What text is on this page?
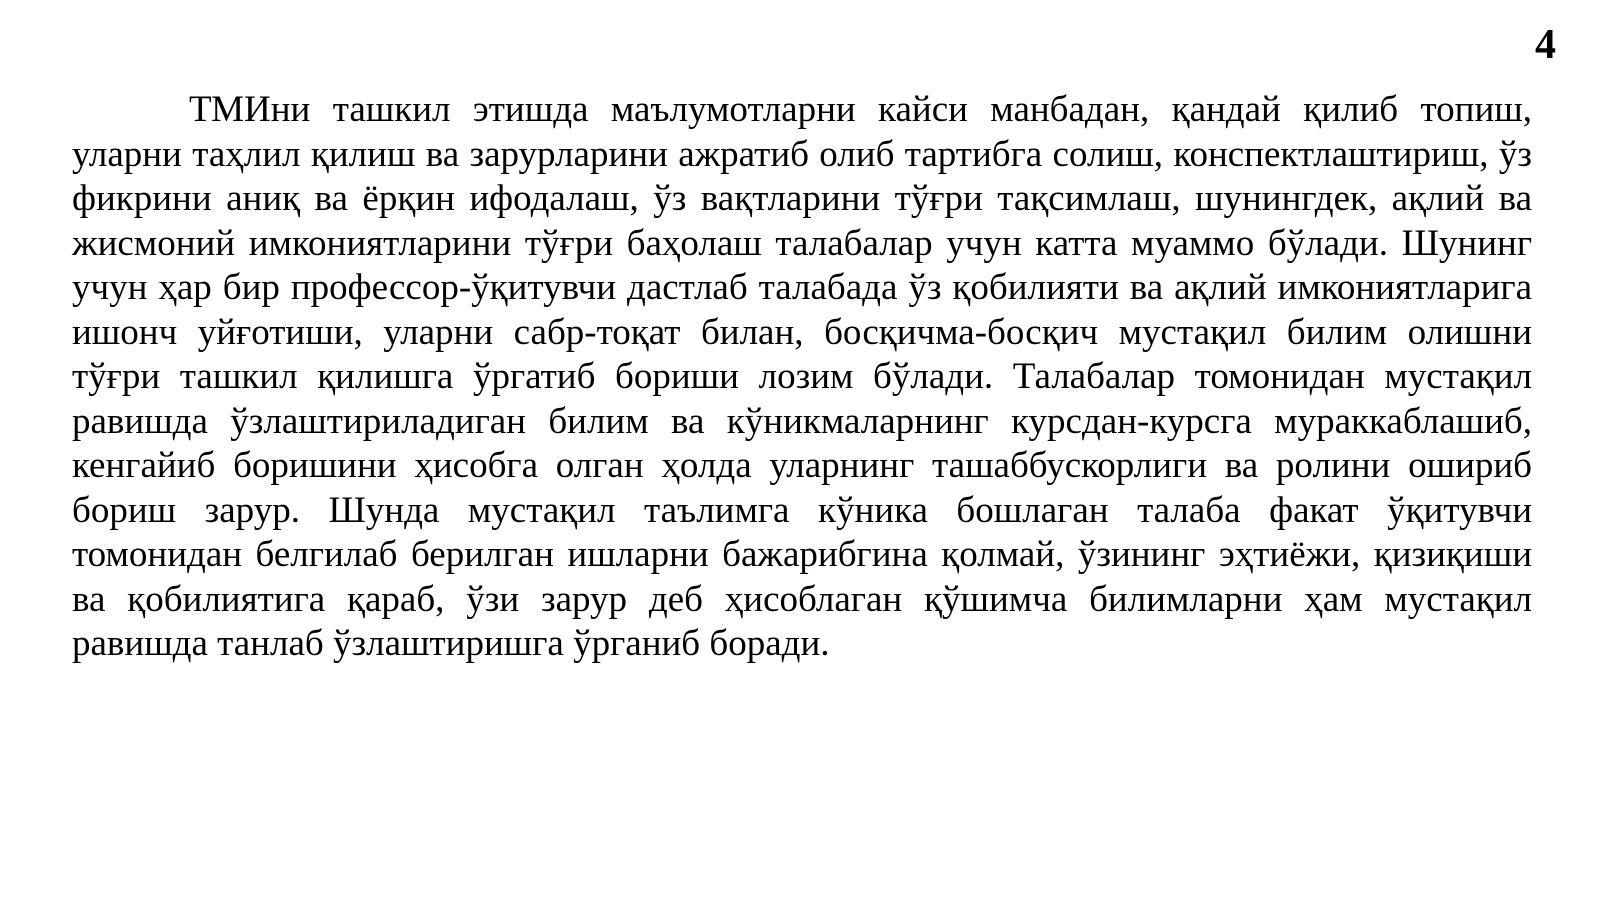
4

ТМИни ташкил этишда маълумотларни кайси манбадан, қандай қилиб топиш, уларни таҳлил қилиш ва зарурларини ажратиб олиб тартибга солиш, конспектлаштириш, ўз фикрини аниқ ва ёрқин ифодалаш, ўз вақтларини тўғри тақсимлаш, шунингдек, ақлий ва жисмоний имкониятларини тўғри баҳолаш талабалар учун катта муаммо бўлади. Шунинг учун ҳар бир профессор-ўқитувчи дастлаб талабада ўз қобилияти ва ақлий имкониятларига ишонч уйғотиши, уларни сабр-тоқат билан, босқичма-босқич мустақил билим олишни тўғри ташкил қилишга ўргатиб бориши лозим бўлади. Талабалар томонидан мустақил равишда ўзлаштириладиган билим ва кўникмаларнинг курсдан-курсга мураккаблашиб, кенгайиб боришини ҳисобга олган ҳолда уларнинг ташаббускорлиги ва ролини ошириб бориш зарур. Шунда мустақил таълимга кўника бошлаган талаба факат ўқитувчи томонидан белгилаб берилган ишларни бажарибгина қолмай, ўзининг эҳтиёжи, қизиқиши ва қобилиятига қараб, ўзи зарур деб ҳисоблаган қўшимча билимларни ҳам мустақил равишда танлаб ўзлаштиришга ўрганиб боради.
